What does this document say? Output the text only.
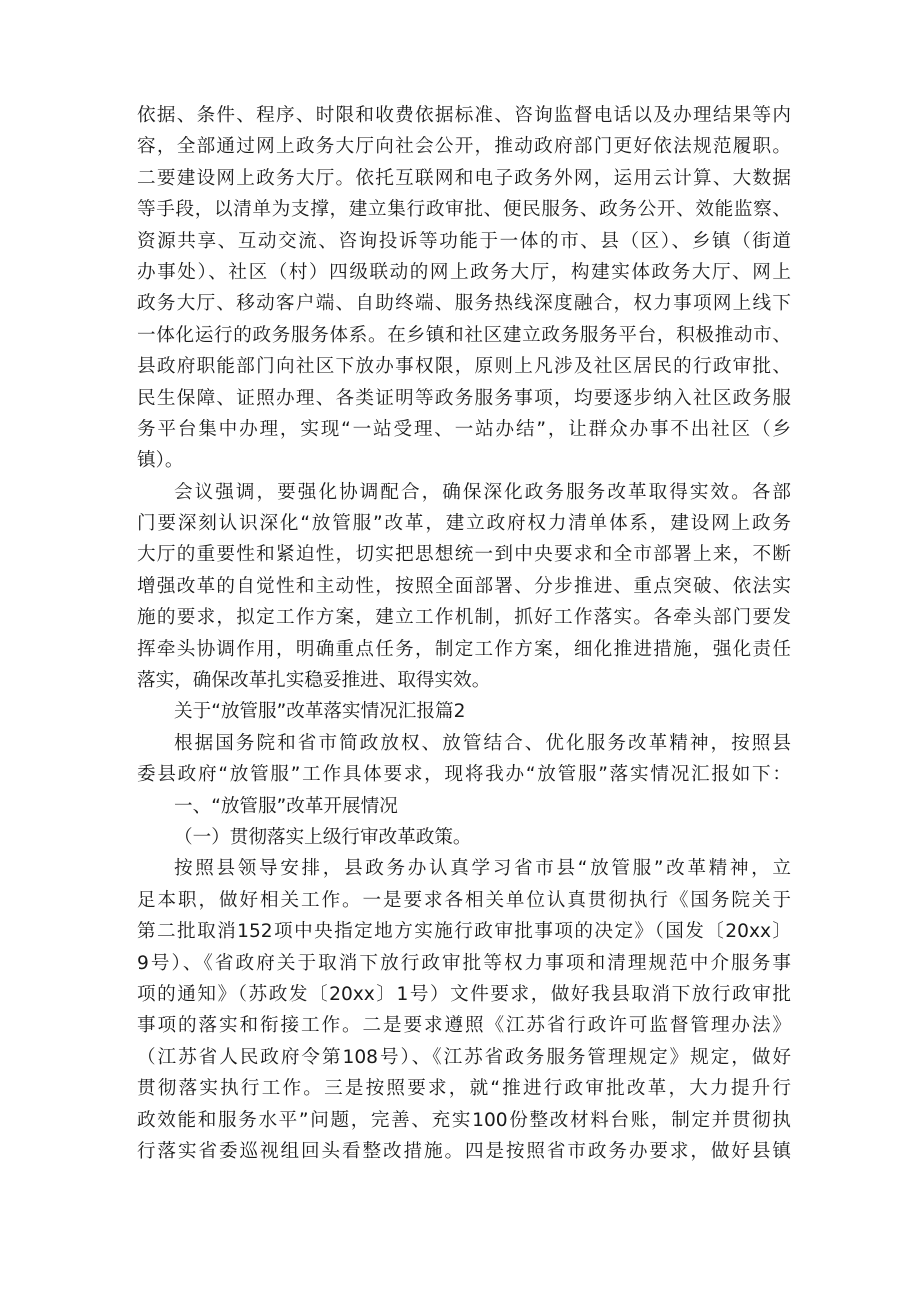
依据、条件、程序、时限和收费依据标准、咨询监督电话以及办理结果等内
容，全部通过网上政务大厅向社会公开，推动政府部门更好依法规范履职。
二要建设网上政务大厅。依托互联网和电子政务外网，运用云计算、大数据
等手段，以清单为支撑，建立集行政审批、便民服务、政务公开、效能监察、
资源共享、互动交流、咨询投诉等功能于一体的市、县（区）、乡镇（街道
办事处）、社区（村）四级联动的网上政务大厅，构建实体政务大厅、网上
政务大厅、移动客户端、自助终端、服务热线深度融合，权力事项网上线下
一体化运行的政务服务体系。在乡镇和社区建立政务服务平台，积极推动市、
县政府职能部门向社区下放办事权限，原则上凡涉及社区居民的行政审批、
民生保障、证照办理、各类证明等政务服务事项，均要逐步纳入社区政务服
务平台集中办理，实现“一站受理、一站办结”，让群众办事不出社区（乡
镇）。
会议强调，要强化协调配合，确保深化政务服务改革取得实效。各部
门要深刻认识深化“放管服”改革，建立政府权力清单体系，建设网上政务
大厅的重要性和紧迫性，切实把思想统一到中央要求和全市部署上来，不断
增强改革的自觉性和主动性，按照全面部署、分步推进、重点突破、依法实
施的要求，拟定工作方案，建立工作机制，抓好工作落实。各牵头部门要发
挥牵头协调作用，明确重点任务，制定工作方案，细化推进措施，强化责任
落实，确保改革扎实稳妥推进、取得实效。
关于“放管服”改革落实情况汇报篇2
根据国务院和省市简政放权、放管结合、优化服务改革精神，按照县
委县政府“放管服”工作具体要求，现将我办“放管服”落实情况汇报如下：
一、“放管服”改革开展情况
（一）贯彻落实上级行审改革政策。
按照县领导安排，县政务办认真学习省市县“放管服”改革精神，立
足本职，做好相关工作。一是要求各相关单位认真贯彻执行《国务院关于
第二批取消152项中央指定地方实施行政审批事项的决定》（国发〔20xx〕
9号）、《省政府关于取消下放行政审批等权力事项和清理规范中介服务事
项的通知》（苏政发〔20xx〕1号）文件要求，做好我县取消下放行政审批
事项的落实和衔接工作。二是要求遵照《江苏省行政许可监督管理办法》
（江苏省人民政府令第108号）、《江苏省政务服务管理规定》规定，做好
贯彻落实执行工作。三是按照要求，就“推进行政审批改革，大力提升行
政效能和服务水平”问题，完善、充实100份整改材料台账，制定并贯彻执
行落实省委巡视组回头看整改措施。四是按照省市政务办要求，做好县镇
